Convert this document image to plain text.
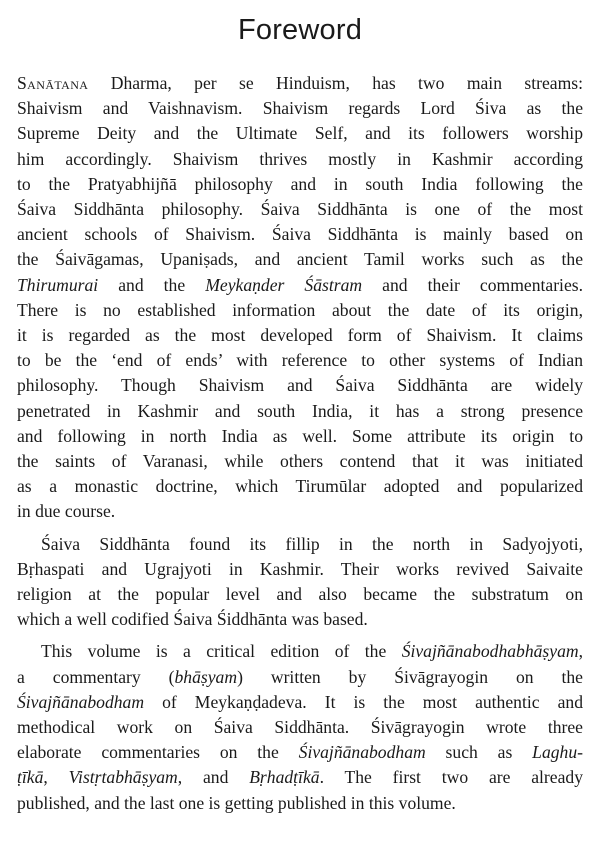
Foreword
Sanātana Dharma, per se Hinduism, has two main streams:
Shaivism and Vaishnavism. Shaivism regards Lord Śiva as the
Supreme Deity and the Ultimate Self, and its followers worship
him accordingly. Shaivism thrives mostly in Kashmir according
to the Pratyabhijñā philosophy and in south India following the
Śaiva Siddhānta philosophy. Śaiva Siddhānta is one of the most
ancient schools of Shaivism. Śaiva Siddhānta is mainly based on
the Śaivāgamas, Upaniṣads, and ancient Tamil works such as the
Thirumurai and the Meykaṇder Śāstram and their commentaries.
There is no established information about the date of its origin,
it is regarded as the most developed form of Shaivism. It claims
to be the ‘end of ends’ with reference to other systems of Indian
philosophy. Though Shaivism and Śaiva Siddhānta are widely
penetrated in Kashmir and south India, it has a strong presence
and following in north India as well. Some attribute its origin to
the saints of Varanasi, while others contend that it was initiated
as a monastic doctrine, which Tirumūlar adopted and popularized
in due course.
Śaiva Siddhānta found its fillip in the north in Sadyojyoti,
Bṛhaspati and Ugrajyoti in Kashmir. Their works revived Saivaite
religion at the popular level and also became the substratum on
which a well codified Śaiva Śiddhānta was based.
This volume is a critical edition of the Śivajñānabodhabhāṣyam,
a commentary (bhāṣyam) written by Śivāgrayogin on the
Śivajñānabodham of Meykaṇḍadeva. It is the most authentic and
methodical work on Śaiva Siddhānta. Śivāgrayogin wrote three
elaborate commentaries on the Śivajñānabodham such as Laghu-
ṭīkā, Vistṛtabhāṣyam, and Bṛhadṭīkā. The first two are already
published, and the last one is getting published in this volume.
